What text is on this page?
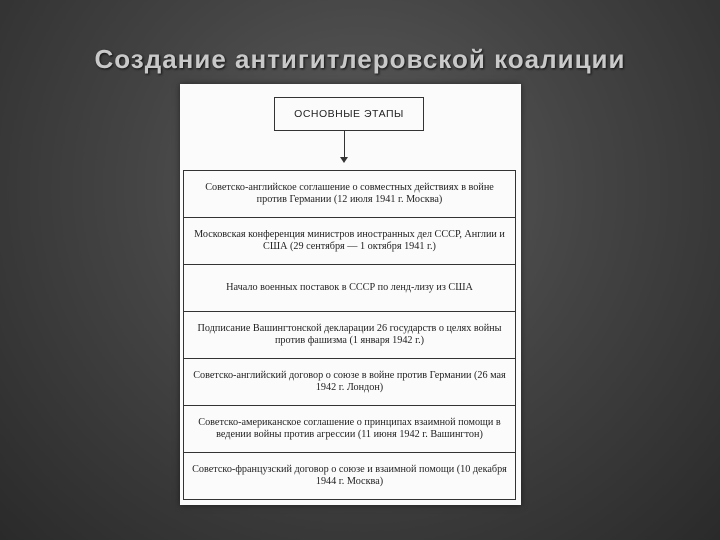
Создание антигитлеровской коалиции
ОСНОВНЫЕ ЭТАПЫ
Советско-английское соглашение о совместных действиях в войне против Германии (12 июля 1941 г. Москва)
Московская конференция министров иностранных дел СССР, Англии и США (29 сентября — 1 октября 1941 г.)
Начало военных поставок в СССР по ленд-лизу из США
Подписание Вашингтонской декларации 26 государств о целях войны против фашизма (1 января 1942 г.)
Советско-английский договор о союзе в войне против Германии (26 мая 1942 г. Лондон)
Советско-американское соглашение о принципах взаимной помощи в ведении войны против агрессии (11 июня 1942 г. Вашингтон)
Советско-французский договор о союзе и взаимной помощи (10 декабря 1944 г. Москва)
